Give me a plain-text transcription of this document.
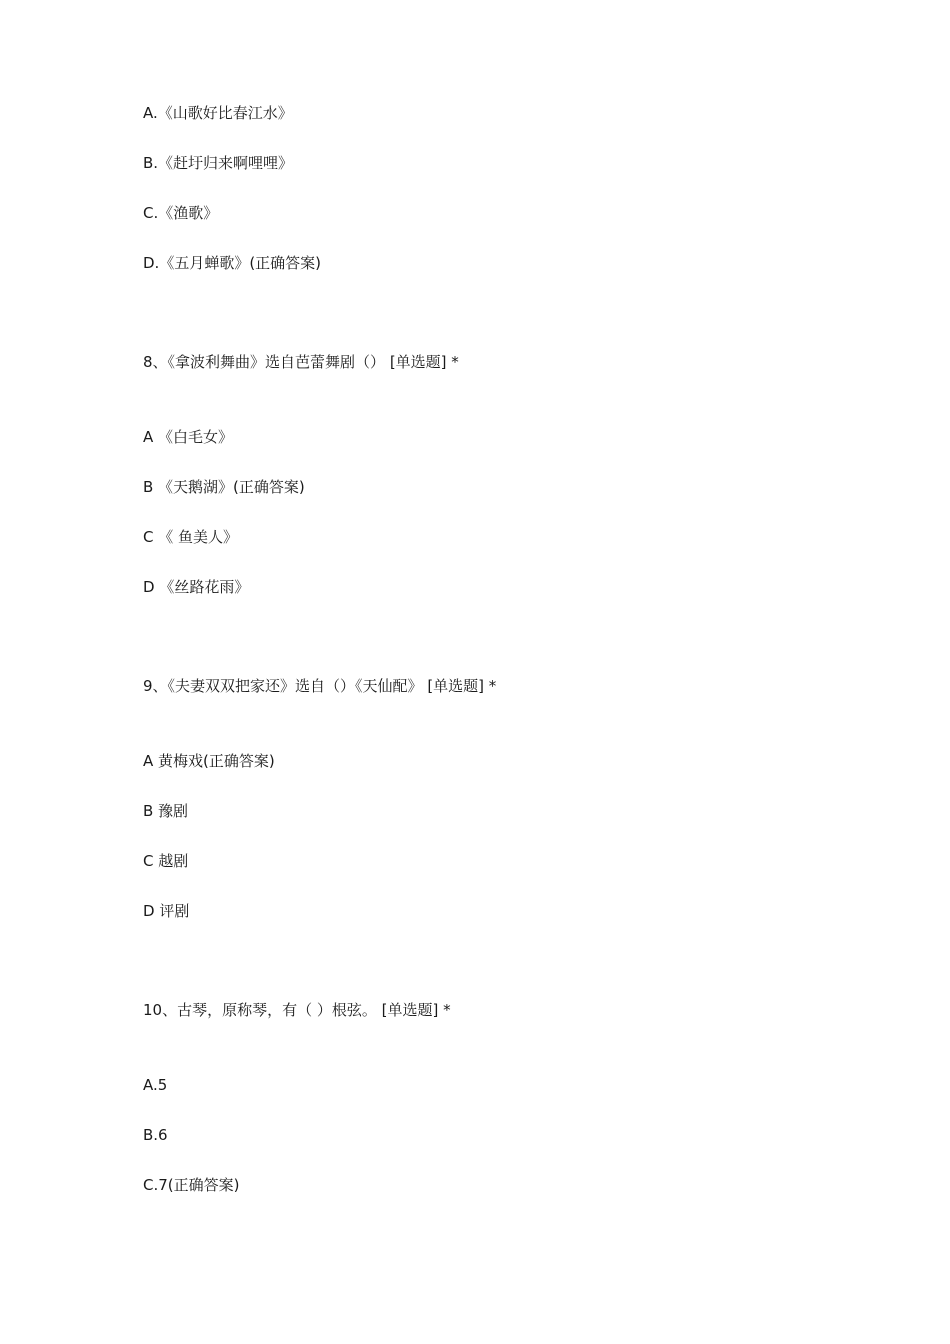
A.《山歌好比春江水》
B.《赶圩归来啊哩哩》
C.《渔歌》
D.《五月蝉歌》(正确答案)
8、《拿波利舞曲》选自芭蕾舞剧（） [单选题] *
A 《白毛女》
B 《天鹅湖》(正确答案)
C 《 鱼美人》
D 《丝路花雨》
9、《夫妻双双把家还》选自（）《天仙配》 [单选题] *
A 黄梅戏(正确答案)
B 豫剧
C 越剧
D 评剧
10、古琴，原称琴，有（ ）根弦。 [单选题] *
A.5
B.6
C.7(正确答案)
